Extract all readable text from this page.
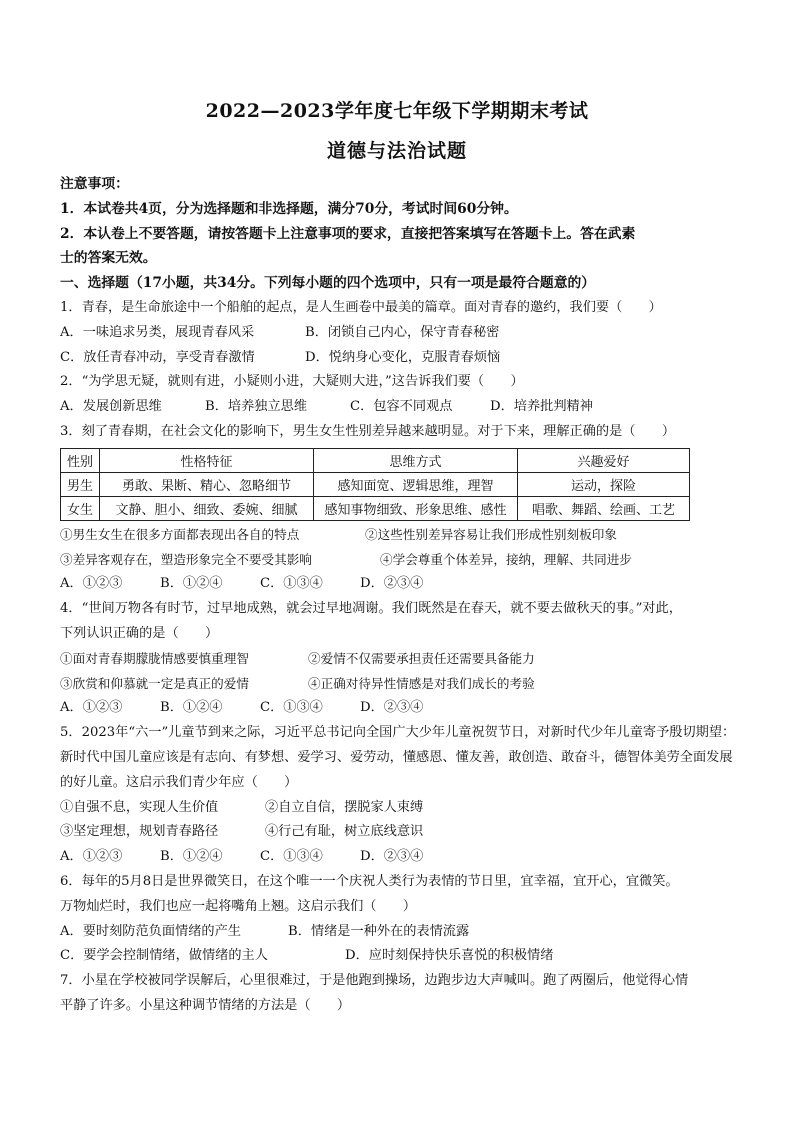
2022—2023学年度七年级下学期期末考试
道德与法治试题
注意事项：
1．本试卷共4页，分为选择题和非选择题，满分70分，考试时间60分钟。
2．本认卷上不要答题，请按答题卡上注意事项的要求，直接把答案填写在答题卡上。答在武素
士的答案无效。
一、选择题（17小题，共34分。下列每小题的四个选项中，只有一项是最符合题意的）
1．青春，是生命旅途中一个船舶的起点，是人生画卷中最美的篇章。面对青春的邀约，我们要（　　）
A．一味追求另类，展现青春风采	B．闭锁自己内心，保守青春秘密
C．放任青春冲动，享受青春激情	D．悦纳身心变化，克服青春烦恼
2．“为学思无疑，就则有进，小疑则小进，大疑则大进，”这告诉我们要（　　）
A．发展创新思维	B．培养独立思维	C．包容不同观点	D．培养批判精神
3．刻了青春期，在社会文化的影响下，男生女生性别差异越来越明显。对于下来，理解正确的是（　　）
性别	性格特征	思维方式	兴趣爱好
男生	勇敢、果断、精心、忽略细节	感知面宽、逻辑思维，理智	运动，探险
女生	文静、胆小、细致、委婉、细腻	感知事物细致、形象思维、感性	唱歌、舞蹈、绘画、工艺
①男生女生在很多方面都表现出各自的特点	②这些性别差异容易让我们形成性别刻板印象
③差异客观存在，塑造形象完全不要受其影响	④学会尊重个体差异，接纳，理解、共同进步
A．①②③	B．①②④	C．①③④	D．②③④
4．“世间万物各有时节，过早地成熟，就会过早地凋谢。我们既然是在春天，就不要去做秋天的事。”对此，
下列认识正确的是（　　）
①面对青春期朦胧情感要慎重理智	②爱情不仅需要承担责任还需要具备能力
③欣赏和仰慕就一定是真正的爱情	④正确对待异性情感是对我们成长的考验
A．①②③	B．①②④	C．①③④	D．②③④
5．2023年“六一”儿童节到来之际，习近平总书记向全国广大少年儿童祝贺节日，对新时代少年儿童寄予殷切期望：新时代中国儿童应该是有志向、有梦想、爱学习、爱劳动，懂感恩、懂友善，敢创造、敢奋斗，德智体美劳全面发展的好儿童。这启示我们青少年应（　　）
①自强不息，实现人生价值	②自立自信，摆脱家人束缚
③坚定理想，规划青春路径	④行己有耻，树立底线意识
A．①②③	B．①②④	C．①③④	D．②③④
6．每年的5月8日是世界微笑日，在这个唯一一个庆祝人类行为表情的节日里，宜幸福，宜开心，宜微笑。
万物灿烂时，我们也应一起将嘴角上翘。这启示我们（　　）
A．要时刻防范负面情绪的产生	B．情绪是一种外在的表情流露
C．要学会控制情绪，做情绪的主人	D．应时刻保持快乐喜悦的积极情绪
7．小星在学校被同学误解后，心里很难过，于是他跑到操场，边跑步边大声喊叫。跑了两圈后，他觉得心情
平静了许多。小星这种调节情绪的方法是（　　）
